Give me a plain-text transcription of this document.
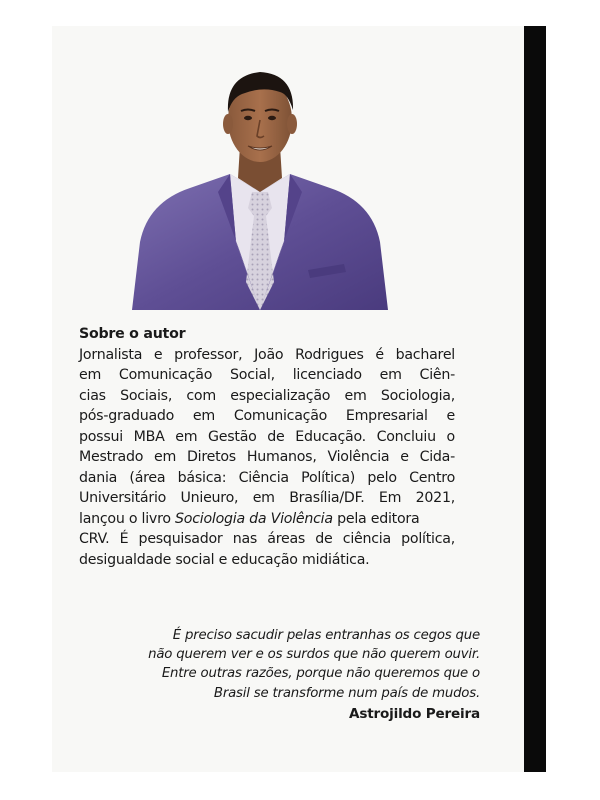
Sobre o autor

Jornalista e professor, João Rodrigues é bacharel

em Comunicação Social, licenciado em Ciên-

cias Sociais, com especialização em Sociologia,

pós-graduado em Comunicação Empresarial e

possui MBA em Gestão de Educação. Concluiu o

Mestrado em Diretos Humanos, Violência e Cida-

dania (área básica: Ciência Política) pelo Centro

Universitário Unieuro, em Brasília/DF. Em 2021,

lançou o livro Sociologia da Violência pela editora

CRV. É pesquisador nas áreas de ciência política,

desigualdade social e educação midiática.

É preciso sacudir pelas entranhas os cegos que

não querem ver e os surdos que não querem ouvir.

Entre outras razões, porque não queremos que o

Brasil se transforme num país de mudos.

Astrojildo Pereira
